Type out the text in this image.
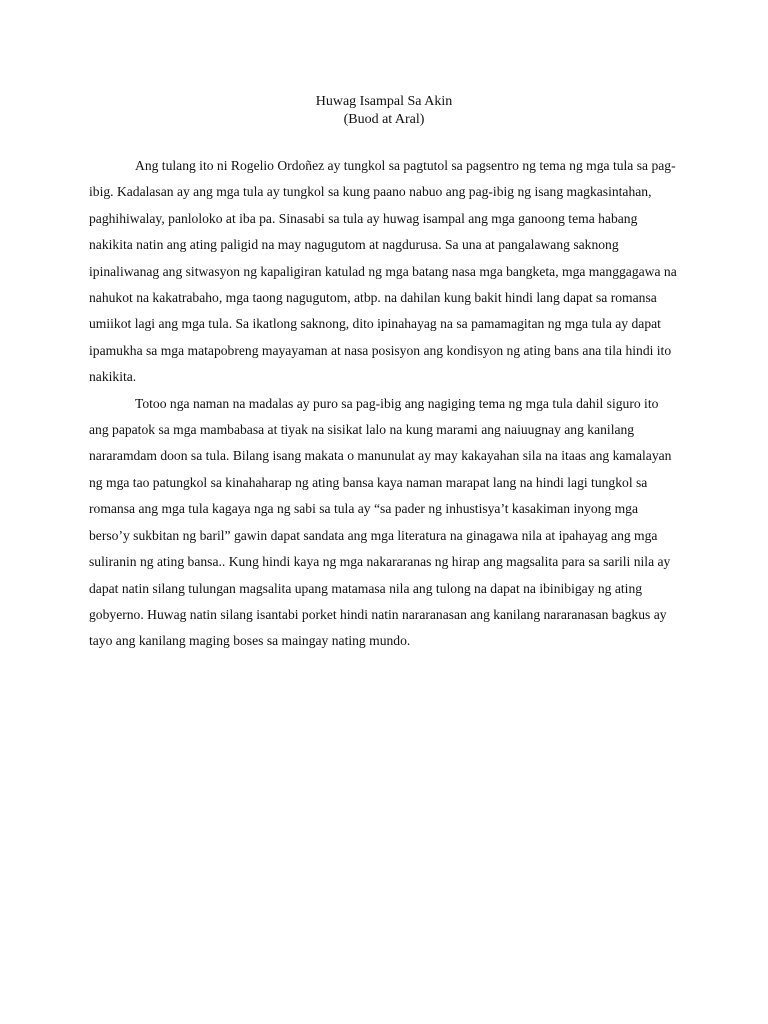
Huwag Isampal Sa Akin
(Buod at Aral)

Ang tulang ito ni Rogelio Ordoñez ay tungkol sa pagtutol sa pagsentro ng tema ng mga tula sa pag-ibig. Kadalasan ay ang mga tula ay tungkol sa kung paano nabuo ang pag-ibig ng isang magkasintahan, paghihiwalay, panloloko at iba pa. Sinasabi sa tula ay huwag isampal ang mga ganoong tema habang nakikita natin ang ating paligid na may nagugutom at nagdurusa. Sa una at pangalawang saknong ipinaliwanag ang sitwasyon ng kapaligiran katulad ng mga batang nasa mga bangketa, mga manggagawa na nahukot na kakatrabaho, mga taong nagugutom, atbp. na dahilan kung bakit hindi lang dapat sa romansa umiikot lagi ang mga tula. Sa ikatlong saknong, dito ipinahayag na sa pamamagitan ng mga tula ay dapat ipamukha sa mga matapobreng mayayaman at nasa posisyon ang kondisyon ng ating bans ana tila hindi ito nakikita.

Totoo nga naman na madalas ay puro sa pag-ibig ang nagiging tema ng mga tula dahil siguro ito ang papatok sa mga mambabasa at tiyak na sisikat lalo na kung marami ang naiuugnay ang kanilang nararamdam doon sa tula. Bilang isang makata o manunulat ay may kakayahan sila na itaas ang kamalayan ng mga tao patungkol sa kinahaharap ng ating bansa kaya naman marapat lang na hindi lagi tungkol sa romansa ang mga tula kagaya nga ng sabi sa tula ay “sa pader ng inhustisya’t kasakiman inyong mga berso’y sukbitan ng baril” gawin dapat sandata ang mga literatura na ginagawa nila at ipahayag ang mga suliranin ng ating bansa.. Kung hindi kaya ng mga nakararanas ng hirap ang magsalita para sa sarili nila ay dapat natin silang tulungan magsalita upang matamasa nila ang tulong na dapat na ibinibigay ng ating gobyerno. Huwag natin silang isantabi porket hindi natin nararanasan ang kanilang nararanasan bagkus ay tayo ang kanilang maging boses sa maingay nating mundo.
